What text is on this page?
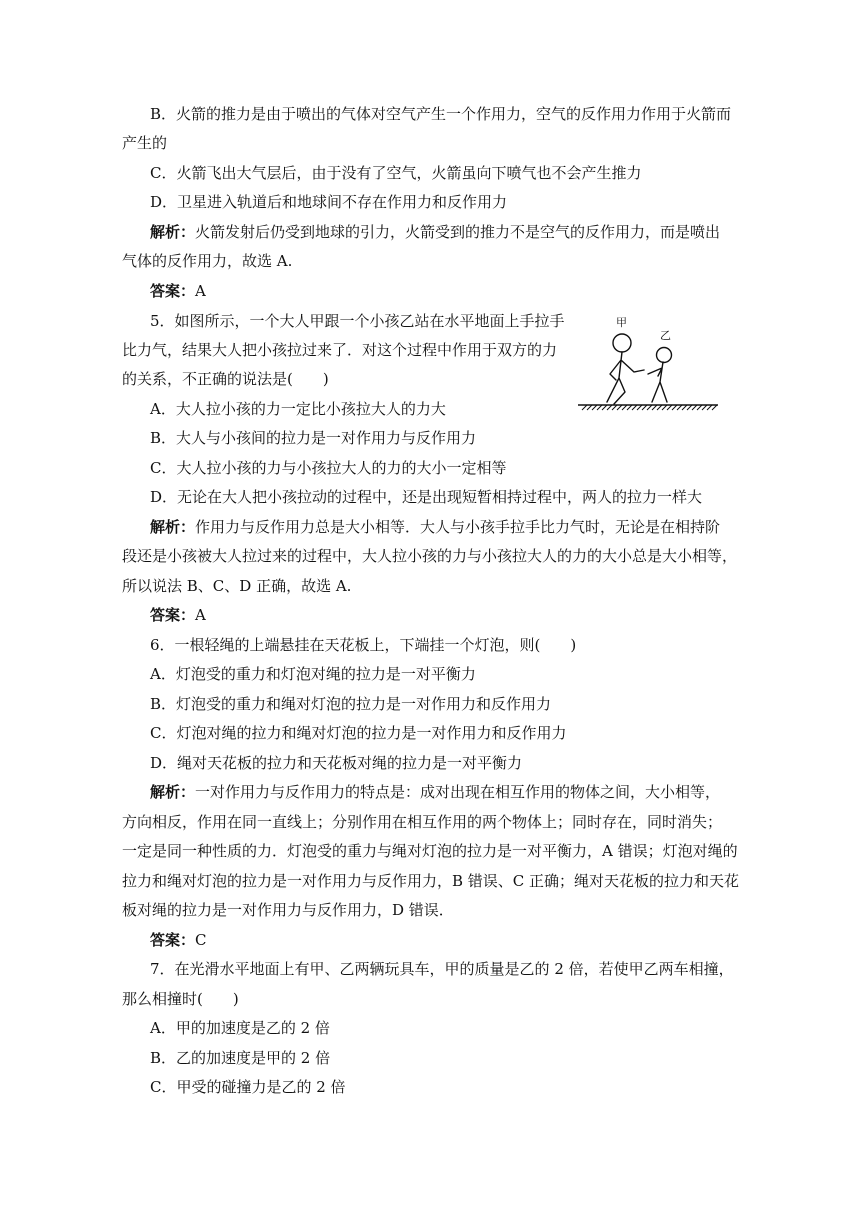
B．火箭的推力是由于喷出的气体对空气产生一个作用力，空气的反作用力作用于火箭而
产生的
C．火箭飞出大气层后，由于没有了空气，火箭虽向下喷气也不会产生推力
D．卫星进入轨道后和地球间不存在作用力和反作用力
解析：火箭发射后仍受到地球的引力，火箭受到的推力不是空气的反作用力，而是喷出
气体的反作用力，故选 A.
答案：A
5．如图所示，一个大人甲跟一个小孩乙站在水平地面上手拉手
比力气，结果大人把小孩拉过来了．对这个过程中作用于双方的力
的关系，不正确的说法是(　　)
甲
乙
A．大人拉小孩的力一定比小孩拉大人的力大
B．大人与小孩间的拉力是一对作用力与反作用力
C．大人拉小孩的力与小孩拉大人的力的大小一定相等
D．无论在大人把小孩拉动的过程中，还是出现短暂相持过程中，两人的拉力一样大
解析：作用力与反作用力总是大小相等．大人与小孩手拉手比力气时，无论是在相持阶
段还是小孩被大人拉过来的过程中，大人拉小孩的力与小孩拉大人的力的大小总是大小相等，
所以说法 B、C、D 正确，故选 A.
答案：A
6．一根轻绳的上端悬挂在天花板上，下端挂一个灯泡，则(　　)
A．灯泡受的重力和灯泡对绳的拉力是一对平衡力
B．灯泡受的重力和绳对灯泡的拉力是一对作用力和反作用力
C．灯泡对绳的拉力和绳对灯泡的拉力是一对作用力和反作用力
D．绳对天花板的拉力和天花板对绳的拉力是一对平衡力
解析：一对作用力与反作用力的特点是：成对出现在相互作用的物体之间，大小相等，
方向相反，作用在同一直线上；分别作用在相互作用的两个物体上；同时存在，同时消失；
一定是同一种性质的力．灯泡受的重力与绳对灯泡的拉力是一对平衡力，A 错误；灯泡对绳的
拉力和绳对灯泡的拉力是一对作用力与反作用力，B 错误、C 正确；绳对天花板的拉力和天花
板对绳的拉力是一对作用力与反作用力，D 错误．
答案：C
7．在光滑水平地面上有甲、乙两辆玩具车，甲的质量是乙的 2 倍，若使甲乙两车相撞，
那么相撞时(　　)
A．甲的加速度是乙的 2 倍
B．乙的加速度是甲的 2 倍
C．甲受的碰撞力是乙的 2 倍
